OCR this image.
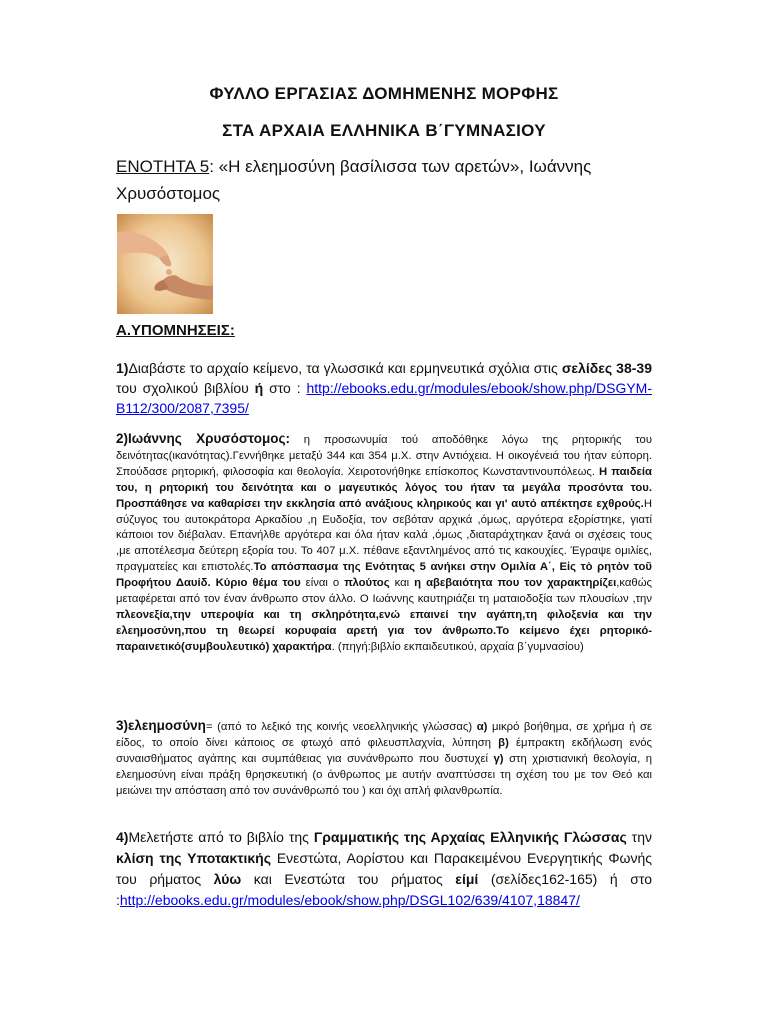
ΦΥΛΛΟ ΕΡΓΑΣΙΑΣ ΔΟΜΗΜΕΝΗΣ ΜΟΡΦΗΣ
ΣΤΑ ΑΡΧΑΙΑ ΕΛΛΗΝΙΚΑ Β΄ΓΥΜΝΑΣΙΟΥ
ΕΝΟΤΗΤΑ 5: «Η ελεημοσύνη βασίλισσα των αρετών», Ιωάννης Χρυσόστομος
Α.ΥΠΟΜΝΗΣΕΙΣ:
1)Διαβάστε το αρχαίο κείμενο, τα γλωσσικά και ερμηνευτικά σχόλια στις σελίδες 38-39 του σχολικού βιβλίου ή στο : http://ebooks.edu.gr/modules/ebook/show.php/DSGYM-B112/300/2087,7395/
2)Ιωάννης Χρυσόστομος: η προσωνυμία τού αποδόθηκε λόγω της ρητορικής του δεινότητας(ικανότητας).Γεννήθηκε μεταξύ 344 και 354 μ.Χ. στην Αντιόχεια. Η οικογένειά του ήταν εύπορη. Σπούδασε ρητορική, φιλοσοφία και θεολογία. Χειροτονήθηκε επίσκοπος Κωνσταντινουπόλεως. Η παιδεία του, η ρητορική του δεινότητα και ο μαγευτικός λόγος του ήταν τα μεγάλα προσόντα του. Προσπάθησε να καθαρίσει την εκκλησία από ανάξιους κληρικούς και γι' αυτό απέκτησε εχθρούς.Η σύζυγος του αυτοκράτορα Αρκαδίου ,η Ευδοξία, τον σεβόταν αρχικά ,όμως, αργότερα εξορίστηκε, γιατί κάποιοι τον διέβαλαν. Επανήλθε αργότερα και όλα ήταν καλά ,όμως ,διαταράχτηκαν ξανά οι σχέσεις τους ,με αποτέλεσμα δεύτερη εξορία του. Το 407 μ.Χ. πέθανε εξαντλημένος από τις κακουχίες. Έγραψε ομιλίες, πραγματείες και επιστολές.Το απόσπασμα της Ενότητας 5 ανήκει στην Ομιλία Α΄, Εἰς τὸ ρητὸν τοῦ Προφήτου Δαυίδ. Κύριο θέμα του είναι ο πλούτος και η αβεβαιότητα που τον χαρακτηρίζει,καθώς μεταφέρεται από τον έναν άνθρωπο στον άλλο. Ο Ιωάννης καυτηριάζει τη ματαιοδοξία των πλουσίων ,την πλεονεξία,την υπεροψία και τη σκληρότητα,ενώ επαινεί την αγάπη,τη φιλοξενία και την ελεημοσύνη,που τη θεωρεί κορυφαία αρετή για τον άνθρωπο.Το κείμενο έχει ρητορικό-παραινετικό(συμβουλευτικό) χαρακτήρα. (πηγή:βιβλίο εκπαιδευτικού, αρχαία β΄γυμνασίου)
3)ελεημοσύνη= (από το λεξικό της κοινής νεοελληνικής γλώσσας) α) μικρό βοήθημα, σε χρήμα ή σε είδος, το οποίο δίνει κάποιος σε φτωχό από φιλευσπλαχνία, λύπηση β) έμπρακτη εκδήλωση ενός συναισθήματος αγάπης και συμπάθειας για συνάνθρωπο που δυστυχεί γ) στη χριστιανική θεολογία, η ελεημοσύνη είναι πράξη θρησκευτική (ο άνθρωπος με αυτήν αναπτύσσει τη σχέση του με τον Θεό και μειώνει την απόσταση από τον συνάνθρωπό του ) και όχι απλή φιλανθρωπία.
4)Μελετήστε από το βιβλίο της Γραμματικής της Αρχαίας Ελληνικής Γλώσσας την κλίση της Υποτακτικής Ενεστώτα, Αορίστου και Παρακειμένου Ενεργητικής Φωνής του ρήματος λύω και Ενεστώτα του ρήματος είμί (σελίδες162-165) ή στο :http://ebooks.edu.gr/modules/ebook/show.php/DSGL102/639/4107,18847/
